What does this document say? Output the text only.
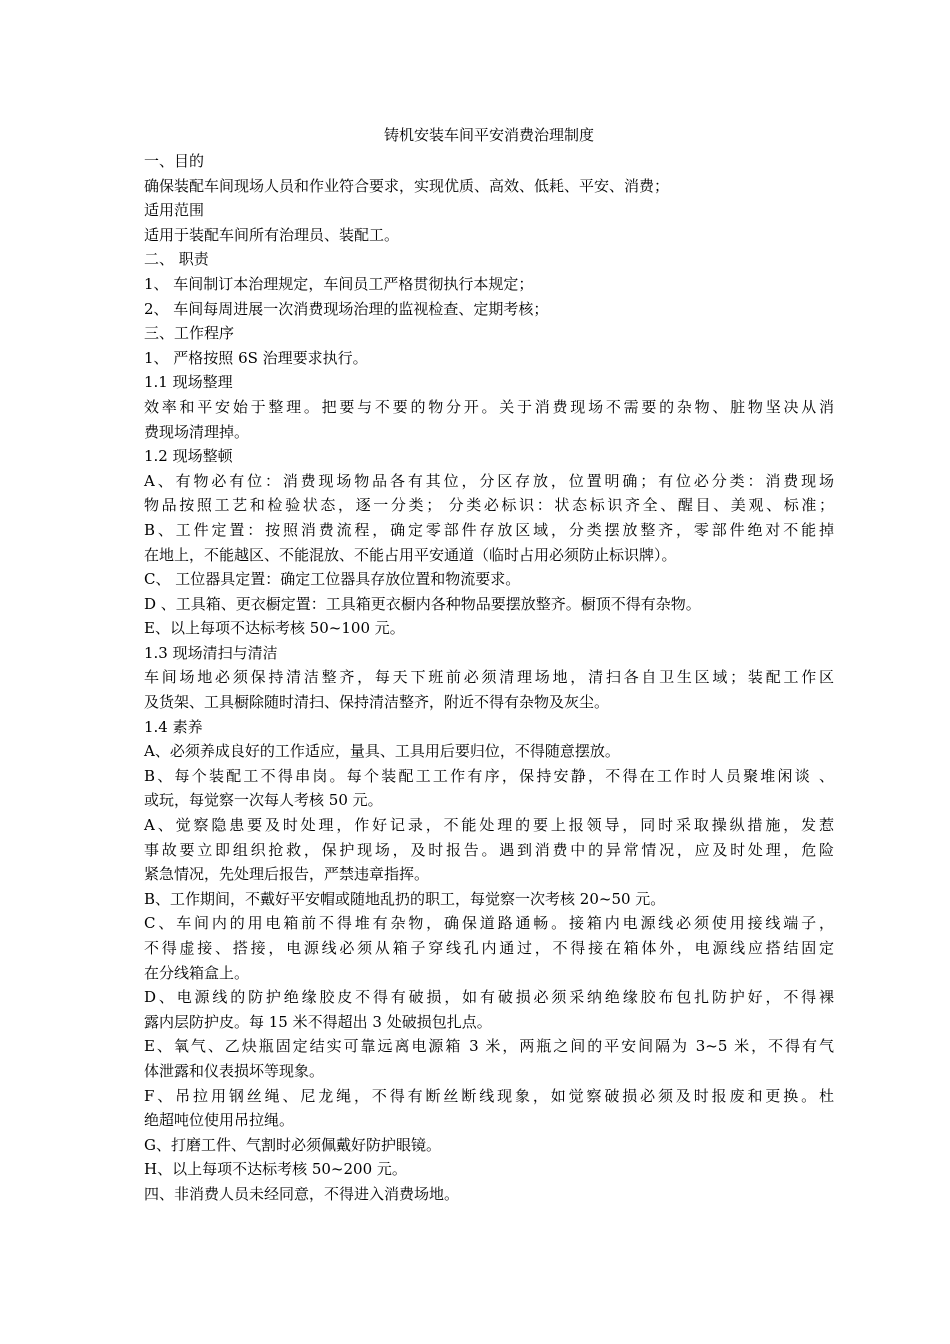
铸机安装车间平安消费治理制度
一、目的
确保装配车间现场人员和作业符合要求，实现优质、高效、低耗、平安、消费；
适用范围
适用于装配车间所有治理员、装配工。
二、 职责
1、 车间制订本治理规定，车间员工严格贯彻执行本规定；
2、 车间每周进展一次消费现场治理的监视检查、定期考核；
三、工作程序
1、 严格按照 6S 治理要求执行。
1.1 现场整理
效率和平安始于整理。把要与不要的物分开。关于消费现场不需要的杂物、脏物坚决从消
费现场清理掉。
1.2 现场整顿
A、有物必有位：消费现场物品各有其位，分区存放，位置明确；有位必分类：消费现场
物品按照工艺和检验状态，逐一分类； 分类必标识：状态标识齐全、醒目、美观、标准；
B、工件定置：按照消费流程，确定零部件存放区域，分类摆放整齐，零部件绝对不能掉
在地上，不能越区、不能混放、不能占用平安通道（临时占用必须防止标识牌）。
C、 工位器具定置：确定工位器具存放位置和物流要求。
D 、工具箱、更衣橱定置：工具箱更衣橱内各种物品要摆放整齐。橱顶不得有杂物。
E、以上每项不达标考核 50~100 元。
1.3 现场清扫与清洁
车间场地必须保持清洁整齐，每天下班前必须清理场地，清扫各自卫生区域；装配工作区
及货架、工具橱除随时清扫、保持清洁整齐，附近不得有杂物及灰尘。
1.4 素养
A、必须养成良好的工作适应，量具、工具用后要归位，不得随意摆放。
B、每个装配工不得串岗。每个装配工工作有序，保持安静，不得在工作时人员聚堆闲谈 、
或玩，每觉察一次每人考核 50 元。
A、觉察隐患要及时处理，作好记录，不能处理的要上报领导，同时采取操纵措施，发惹
事故要立即组织抢救，保护现场，及时报告。遇到消费中的异常情况，应及时处理，危险
紧急情况，先处理后报告，严禁违章指挥。
B、工作期间，不戴好平安帽或随地乱扔的职工，每觉察一次考核 20~50 元。
C、车间内的用电箱前不得堆有杂物，确保道路通畅。接箱内电源线必须使用接线端子，
不得虚接、搭接，电源线必须从箱子穿线孔内通过，不得接在箱体外，电源线应搭结固定
在分线箱盒上。
D、电源线的防护绝缘胶皮不得有破损，如有破损必须采纳绝缘胶布包扎防护好，不得裸
露内层防护皮。每 15 米不得超出 3 处破损包扎点。
E、氧气、乙炔瓶固定结实可靠远离电源箱 3 米，两瓶之间的平安间隔为 3~5 米，不得有气
体泄露和仪表损坏等现象。
F、吊拉用钢丝绳、尼龙绳，不得有断丝断线现象，如觉察破损必须及时报废和更换。杜
绝超吨位使用吊拉绳。
G、打磨工件、气割时必须佩戴好防护眼镜。
H、以上每项不达标考核 50~200 元。
四、非消费人员未经同意，不得进入消费场地。
